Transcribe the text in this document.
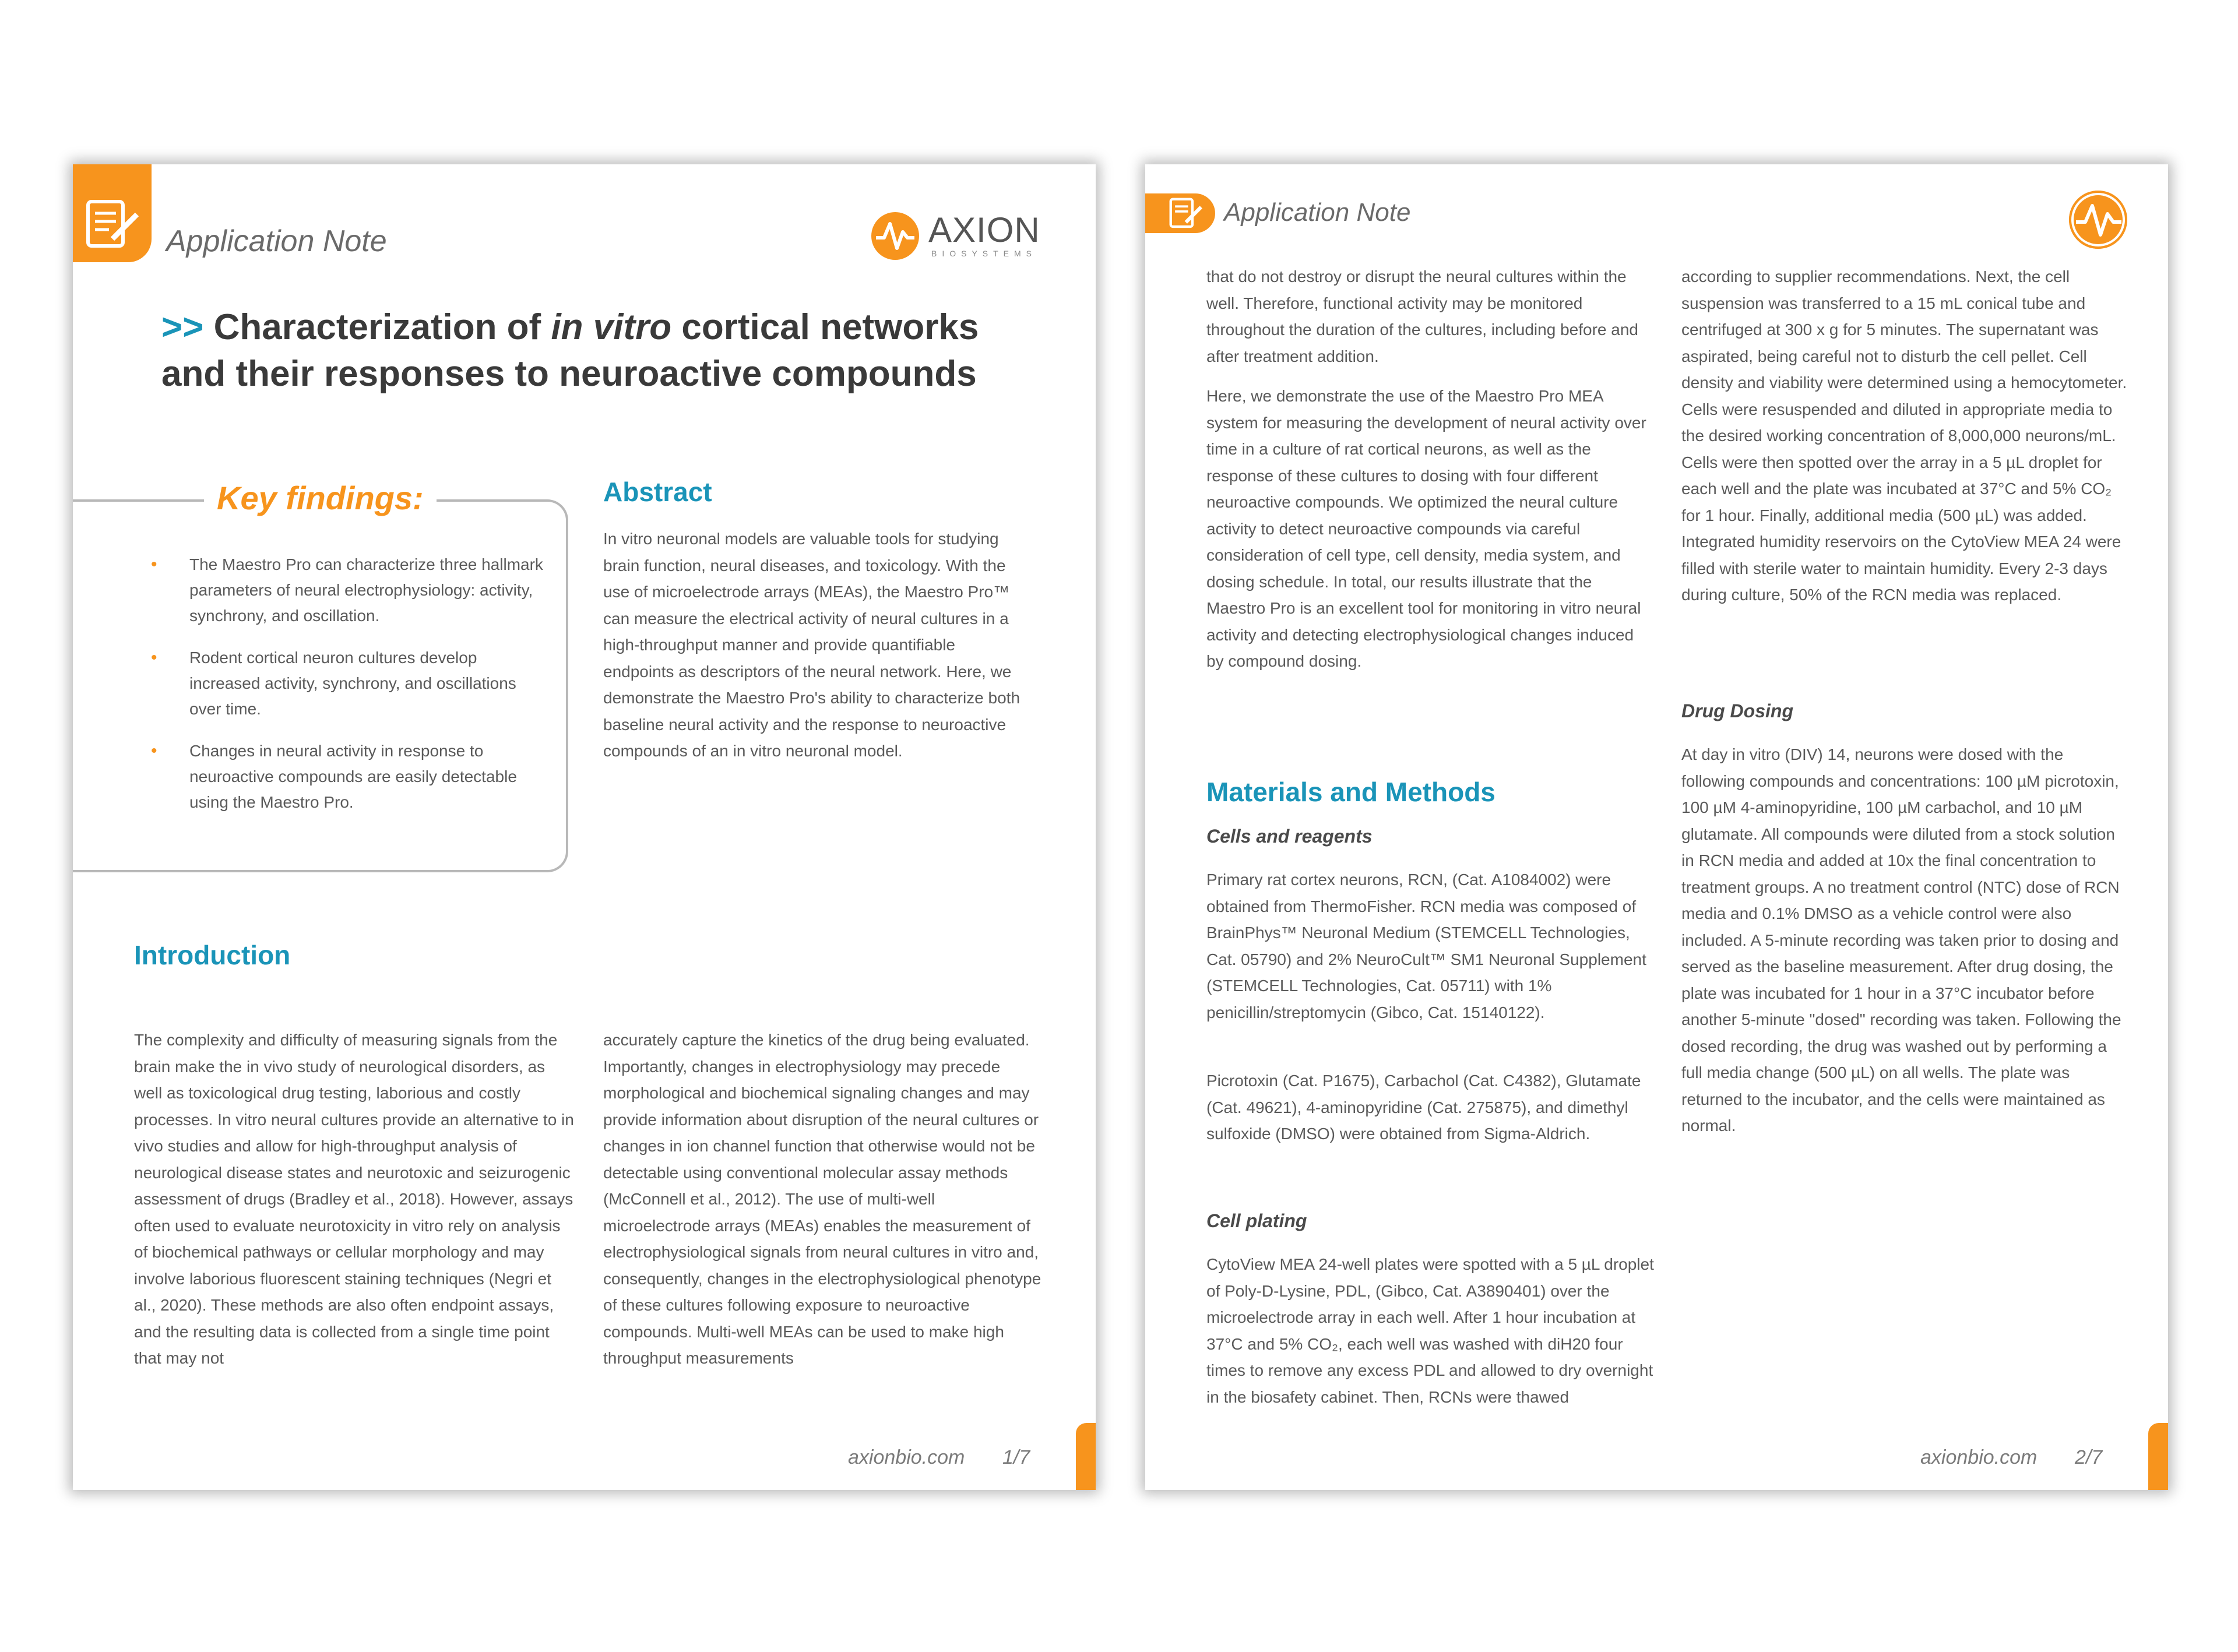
Application Note	AXION
BIOSYSTEMS
>> Characterization of in vitro cortical networks
and their responses to neuroactive compounds
Key findings:
• The Maestro Pro can characterize three hallmark parameters of neural electrophysiology: activity, synchrony, and oscillation.
• Rodent cortical neuron cultures develop increased activity, synchrony, and oscillations over time.
• Changes in neural activity in response to neuroactive compounds are easily detectable using the Maestro Pro.
Abstract

In vitro neuronal models are valuable tools for studying brain function, neural diseases, and toxicology. With the use of microelectrode arrays (MEAs), the Maestro Pro™ can measure the electrical activity of neural cultures in a high-throughput manner and provide quantifiable endpoints as descriptors of the neural network. Here, we demonstrate the Maestro Pro's ability to characterize both baseline neural activity and the response to neuroactive compounds of an in vitro neuronal model.

Introduction

The complexity and difficulty of measuring signals from the brain make the in vivo study of neurological disorders, as well as toxicological drug testing, laborious and costly processes. In vitro neural cultures provide an alternative to in vivo studies and allow for high-throughput analysis of neurological disease states and neurotoxic and seizurogenic assessment of drugs (Bradley et al., 2018). However, assays often used to evaluate neurotoxicity in vitro rely on analysis of biochemical pathways or cellular morphology and may involve laborious fluorescent staining techniques (Negri et al., 2020). These methods are also often endpoint assays, and the resulting data is collected from a single time point that may not

accurately capture the kinetics of the drug being evaluated. Importantly, changes in electrophysiology may precede morphological and biochemical signaling changes and may provide information about disruption of the neural cultures or changes in ion channel function that otherwise would not be detectable using conventional molecular assay methods (McConnell et al., 2012). The use of multi-well microelectrode arrays (MEAs) enables the measurement of electrophysiological signals from neural cultures in vitro and, consequently, changes in the electrophysiological phenotype of these cultures following exposure to neuroactive compounds. Multi-well MEAs can be used to make high throughput measurements

axionbio.com 1/7
Application Note

that do not destroy or disrupt the neural cultures within the well. Therefore, functional activity may be monitored throughout the duration of the cultures, including before and after treatment addition.

Here, we demonstrate the use of the Maestro Pro MEA system for measuring the development of neural activity over time in a culture of rat cortical neurons, as well as the response of these cultures to dosing with four different neuroactive compounds. We optimized the neural culture activity to detect neuroactive compounds via careful consideration of cell type, cell density, media system, and dosing schedule. In total, our results illustrate that the Maestro Pro is an excellent tool for monitoring in vitro neural activity and detecting electrophysiological changes induced by compound dosing.

Materials and Methods
Cells and reagents

Primary rat cortex neurons, RCN, (Cat. A1084002) were obtained from ThermoFisher. RCN media was composed of BrainPhys™ Neuronal Medium (STEMCELL Technologies, Cat. 05790) and 2% NeuroCult™ SM1 Neuronal Supplement (STEMCELL Technologies, Cat. 05711) with 1% penicillin/streptomycin (Gibco, Cat. 15140122).

Picrotoxin (Cat. P1675), Carbachol (Cat. C4382), Glutamate (Cat. 49621), 4-aminopyridine (Cat. 275875), and dimethyl sulfoxide (DMSO) were obtained from Sigma-Aldrich.

Cell plating

CytoView MEA 24-well plates were spotted with a 5 µL droplet of Poly-D-Lysine, PDL, (Gibco, Cat. A3890401) over the microelectrode array in each well. After 1 hour incubation at 37°C and 5% CO₂, each well was washed with diH20 four times to remove any excess PDL and allowed to dry overnight in the biosafety cabinet. Then, RCNs were thawed

according to supplier recommendations. Next, the cell suspension was transferred to a 15 mL conical tube and centrifuged at 300 x g for 5 minutes. The supernatant was aspirated, being careful not to disturb the cell pellet. Cell density and viability were determined using a hemocytometer. Cells were resuspended and diluted in appropriate media to the desired working concentration of 8,000,000 neurons/mL. Cells were then spotted over the array in a 5 µL droplet for each well and the plate was incubated at 37°C and 5% CO₂ for 1 hour. Finally, additional media (500 µL) was added. Integrated humidity reservoirs on the CytoView MEA 24 were filled with sterile water to maintain humidity. Every 2-3 days during culture, 50% of the RCN media was replaced.

Drug Dosing

At day in vitro (DIV) 14, neurons were dosed with the following compounds and concentrations: 100 µM picrotoxin, 100 µM 4-aminopyridine, 100 µM carbachol, and 10 µM glutamate. All compounds were diluted from a stock solution in RCN media and added at 10x the final concentration to treatment groups. A no treatment control (NTC) dose of RCN media and 0.1% DMSO as a vehicle control were also included. A 5-minute recording was taken prior to dosing and served as the baseline measurement. After drug dosing, the plate was incubated for 1 hour in a 37°C incubator before another 5-minute "dosed" recording was taken. Following the dosed recording, the drug was washed out by performing a full media change (500 µL) on all wells. The plate was returned to the incubator, and the cells were maintained as normal.

axionbio.com 2/7
